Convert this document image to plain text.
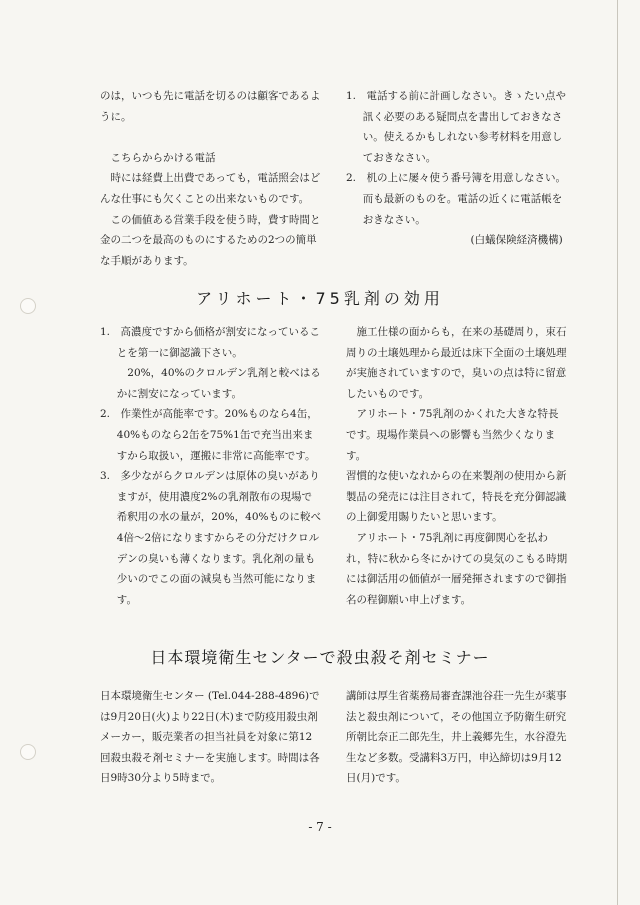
のは，いつも先に電話を切るのは顧客であるように。

こちらからかける電話

時には経費上出費であっても，電話照会はどんな仕事にも欠くことの出来ないものです。

この価値ある営業手段を使う時，費す時間と金の二つを最高のものにするための2つの簡単な手順があります。

1.　電話する前に計画しなさい。きゝたい点や訊く必要のある疑問点を書出しておきなさい。使えるかもしれない参考材料を用意しておきなさい。

2.　机の上に屡々使う番号簿を用意しなさい。而も最新のものを。電話の近くに電話帳をおきなさい。

(白蟻保険経済機構)

アリホート・75乳剤の効用

1.　高濃度ですから価格が割安になっていることを第一に御認識下さい。

20%，40%のクロルデン乳剤と較べはるかに割安になっています。

2.　作業性が高能率です。20%ものなら4缶，40%ものなら2缶を75%1缶で充当出来ますから取扱い，運搬に非常に高能率です。

3.　多少ながらクロルデンは原体の臭いがありますが，使用濃度2%の乳剤散布の現場で希釈用の水の量が，20%，40%ものに較べ4倍〜2倍になりますからその分だけクロルデンの臭いも薄くなります。乳化剤の量も少いのでこの面の減臭も当然可能になります。

施工仕様の面からも，在来の基礎周り，束石周りの土壌処理から最近は床下全面の土壌処理が実施されていますので，臭いの点は特に留意したいものです。

アリホート・75乳剤のかくれた大きな特長です。現場作業員への影響も当然少くなります。

習慣的な使いなれからの在来製剤の使用から新製品の発売には注目されて，特長を充分御認識の上御愛用賜りたいと思います。

アリホート・75乳剤に再度御関心を払われ，特に秋から冬にかけての臭気のこもる時期には御活用の価値が一層発揮されますので御指名の程御願い申上げます。

日本環境衛生センターで殺虫殺そ剤セミナー

日本環境衛生センター (Tel.044-288-4896)では9月20日(火)より22日(木)まで防疫用殺虫剤メーカー，販売業者の担当社員を対象に第12回殺虫殺そ剤セミナーを実施します。時間は各日9時30分より5時まで。

講師は厚生省薬務局審査課池谷荘一先生が薬事法と殺虫剤について，その他国立予防衛生研究所朝比奈正二郎先生，井上義郷先生，水谷澄先生など多数。受講料3万円，申込締切は9月12日(月)です。

- 7 -
